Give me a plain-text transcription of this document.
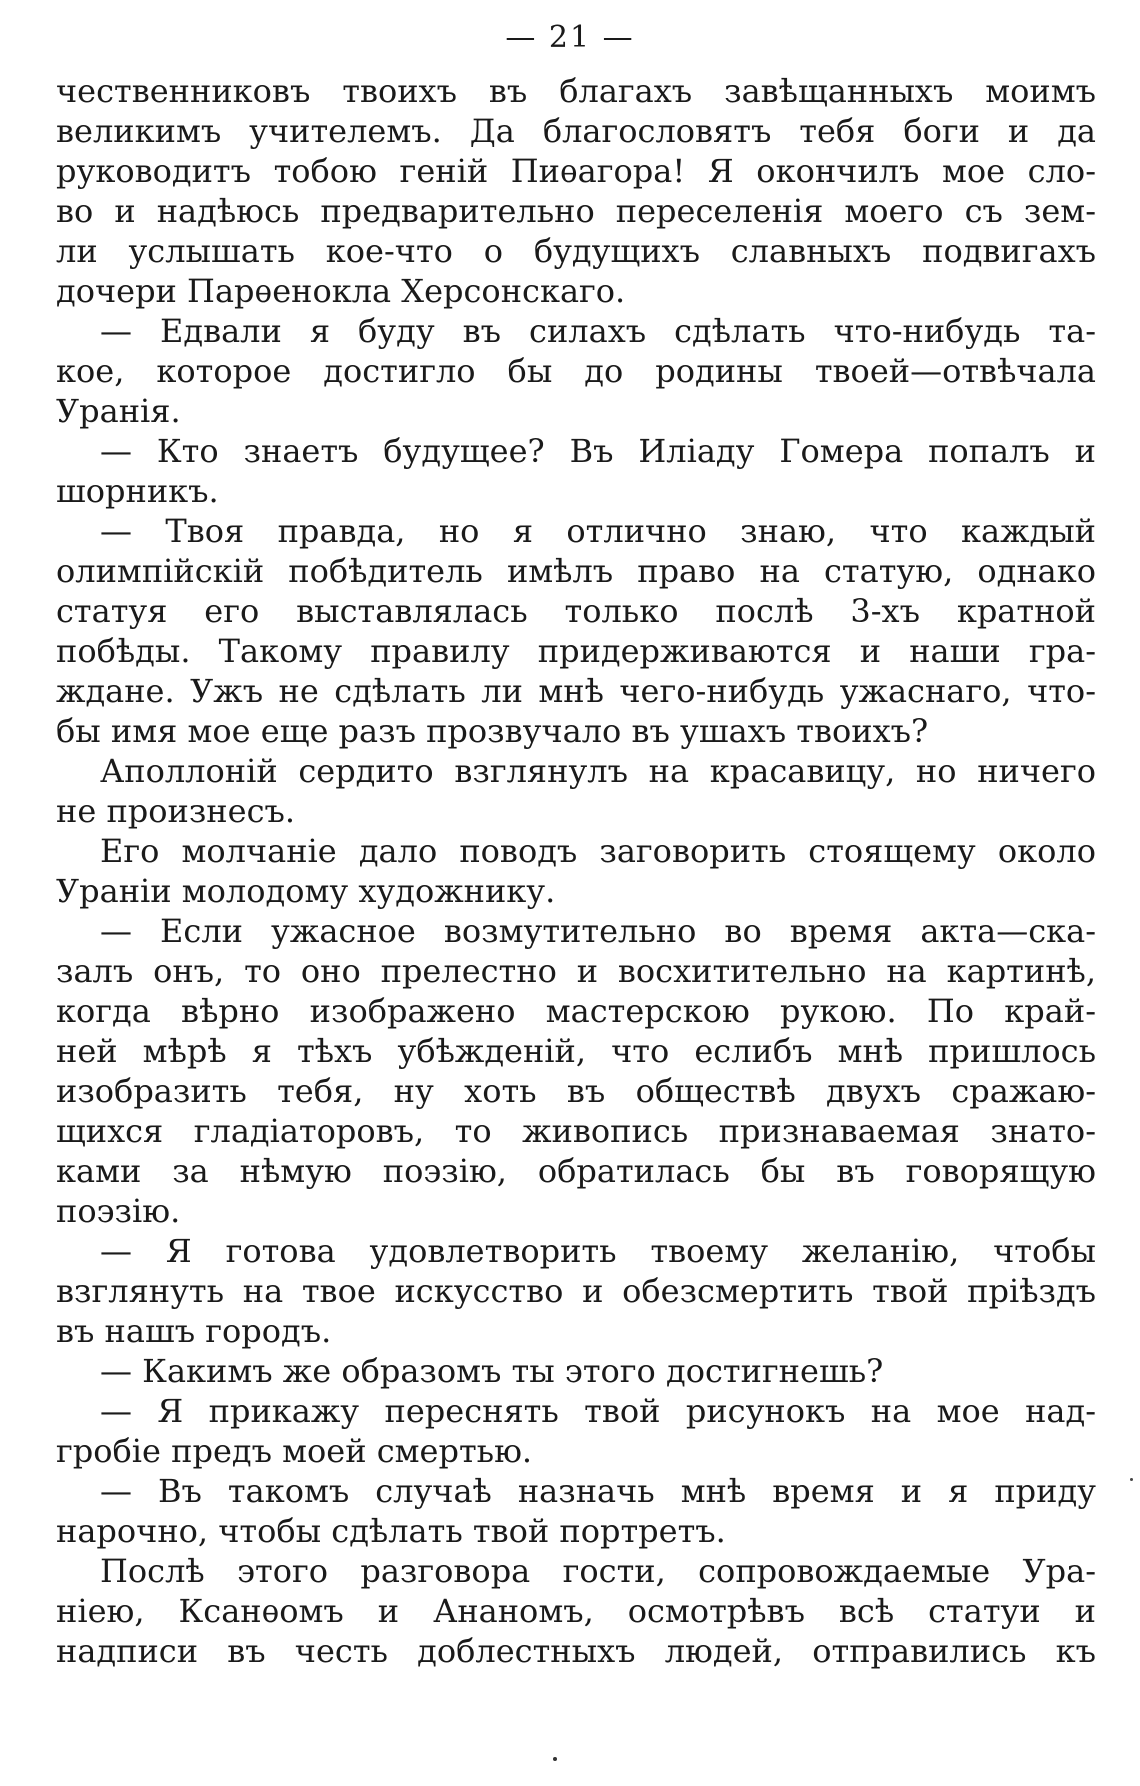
— 21 —
чественниковъ твоихъ въ благахъ завѣщанныхъ моимъ
великимъ учителемъ. Да благословятъ тебя боги и да
руководитъ тобою геній Пиѳагора! Я окончилъ мое сло-
во и надѣюсь предварительно переселенія моего съ зем-
ли услышать кое-что о будущихъ славныхъ подвигахъ
дочери Парѳенокла Херсонскаго.
— Едвали я буду въ силахъ сдѣлать что-нибудь та-
кое, которое достигло бы до родины твоей—отвѣчала
Уранія.
— Кто знаетъ будущее? Въ Иліаду Гомера попалъ и
шорникъ.
— Твоя правда, но я отлично знаю, что каждый
олимпійскій побѣдитель имѣлъ право на статую, однако
статуя его выставлялась только послѣ 3-хъ кратной
побѣды. Такому правилу придерживаются и наши гра-
ждане. Ужъ не сдѣлать ли мнѣ чего-нибудь ужаснаго, чтo-
бы имя мое еще разъ прозвучало въ ушахъ твоихъ?
Аполлоній сердито взглянулъ на красавицу, но ничего
не произнесъ.
Его молчаніе дало поводъ заговорить стоящему около
Ураніи молодому художнику.
— Если ужасное возмутительно во время акта—ска-
залъ онъ, то оно прелестно и восхитительно на картинѣ,
когда вѣрно изображено мастерскою рукою. По край-
ней мѣрѣ я тѣхъ убѣжденій, что еслибъ мнѣ пришлось
изобразить тебя, ну хоть въ обществѣ двухъ сражаю-
щихся гладіаторовъ, то живопись признаваемая знато-
ками за нѣмую поэзію, обратилась бы въ говорящую
поэзію.
— Я готова удовлетворить твоему желанію, чтобы
взглянуть на твое искусство и обезсмертить твой пріѣздъ
въ нашъ городъ.
— Какимъ же образомъ ты этого достигнешь?
— Я прикажу переснять твой рисунокъ на мое над-
гробіе предъ моей смертью.
— Въ такомъ случаѣ назначь мнѣ время и я приду
нарочно, чтобы сдѣлать твой портретъ.
Послѣ этого разговора гости, сопровождаемые Ура-
ніею, Ксанѳомъ и Ананомъ, осмотрѣвъ всѣ статуи и
надписи въ честь доблестныхъ людей, отправились къ
